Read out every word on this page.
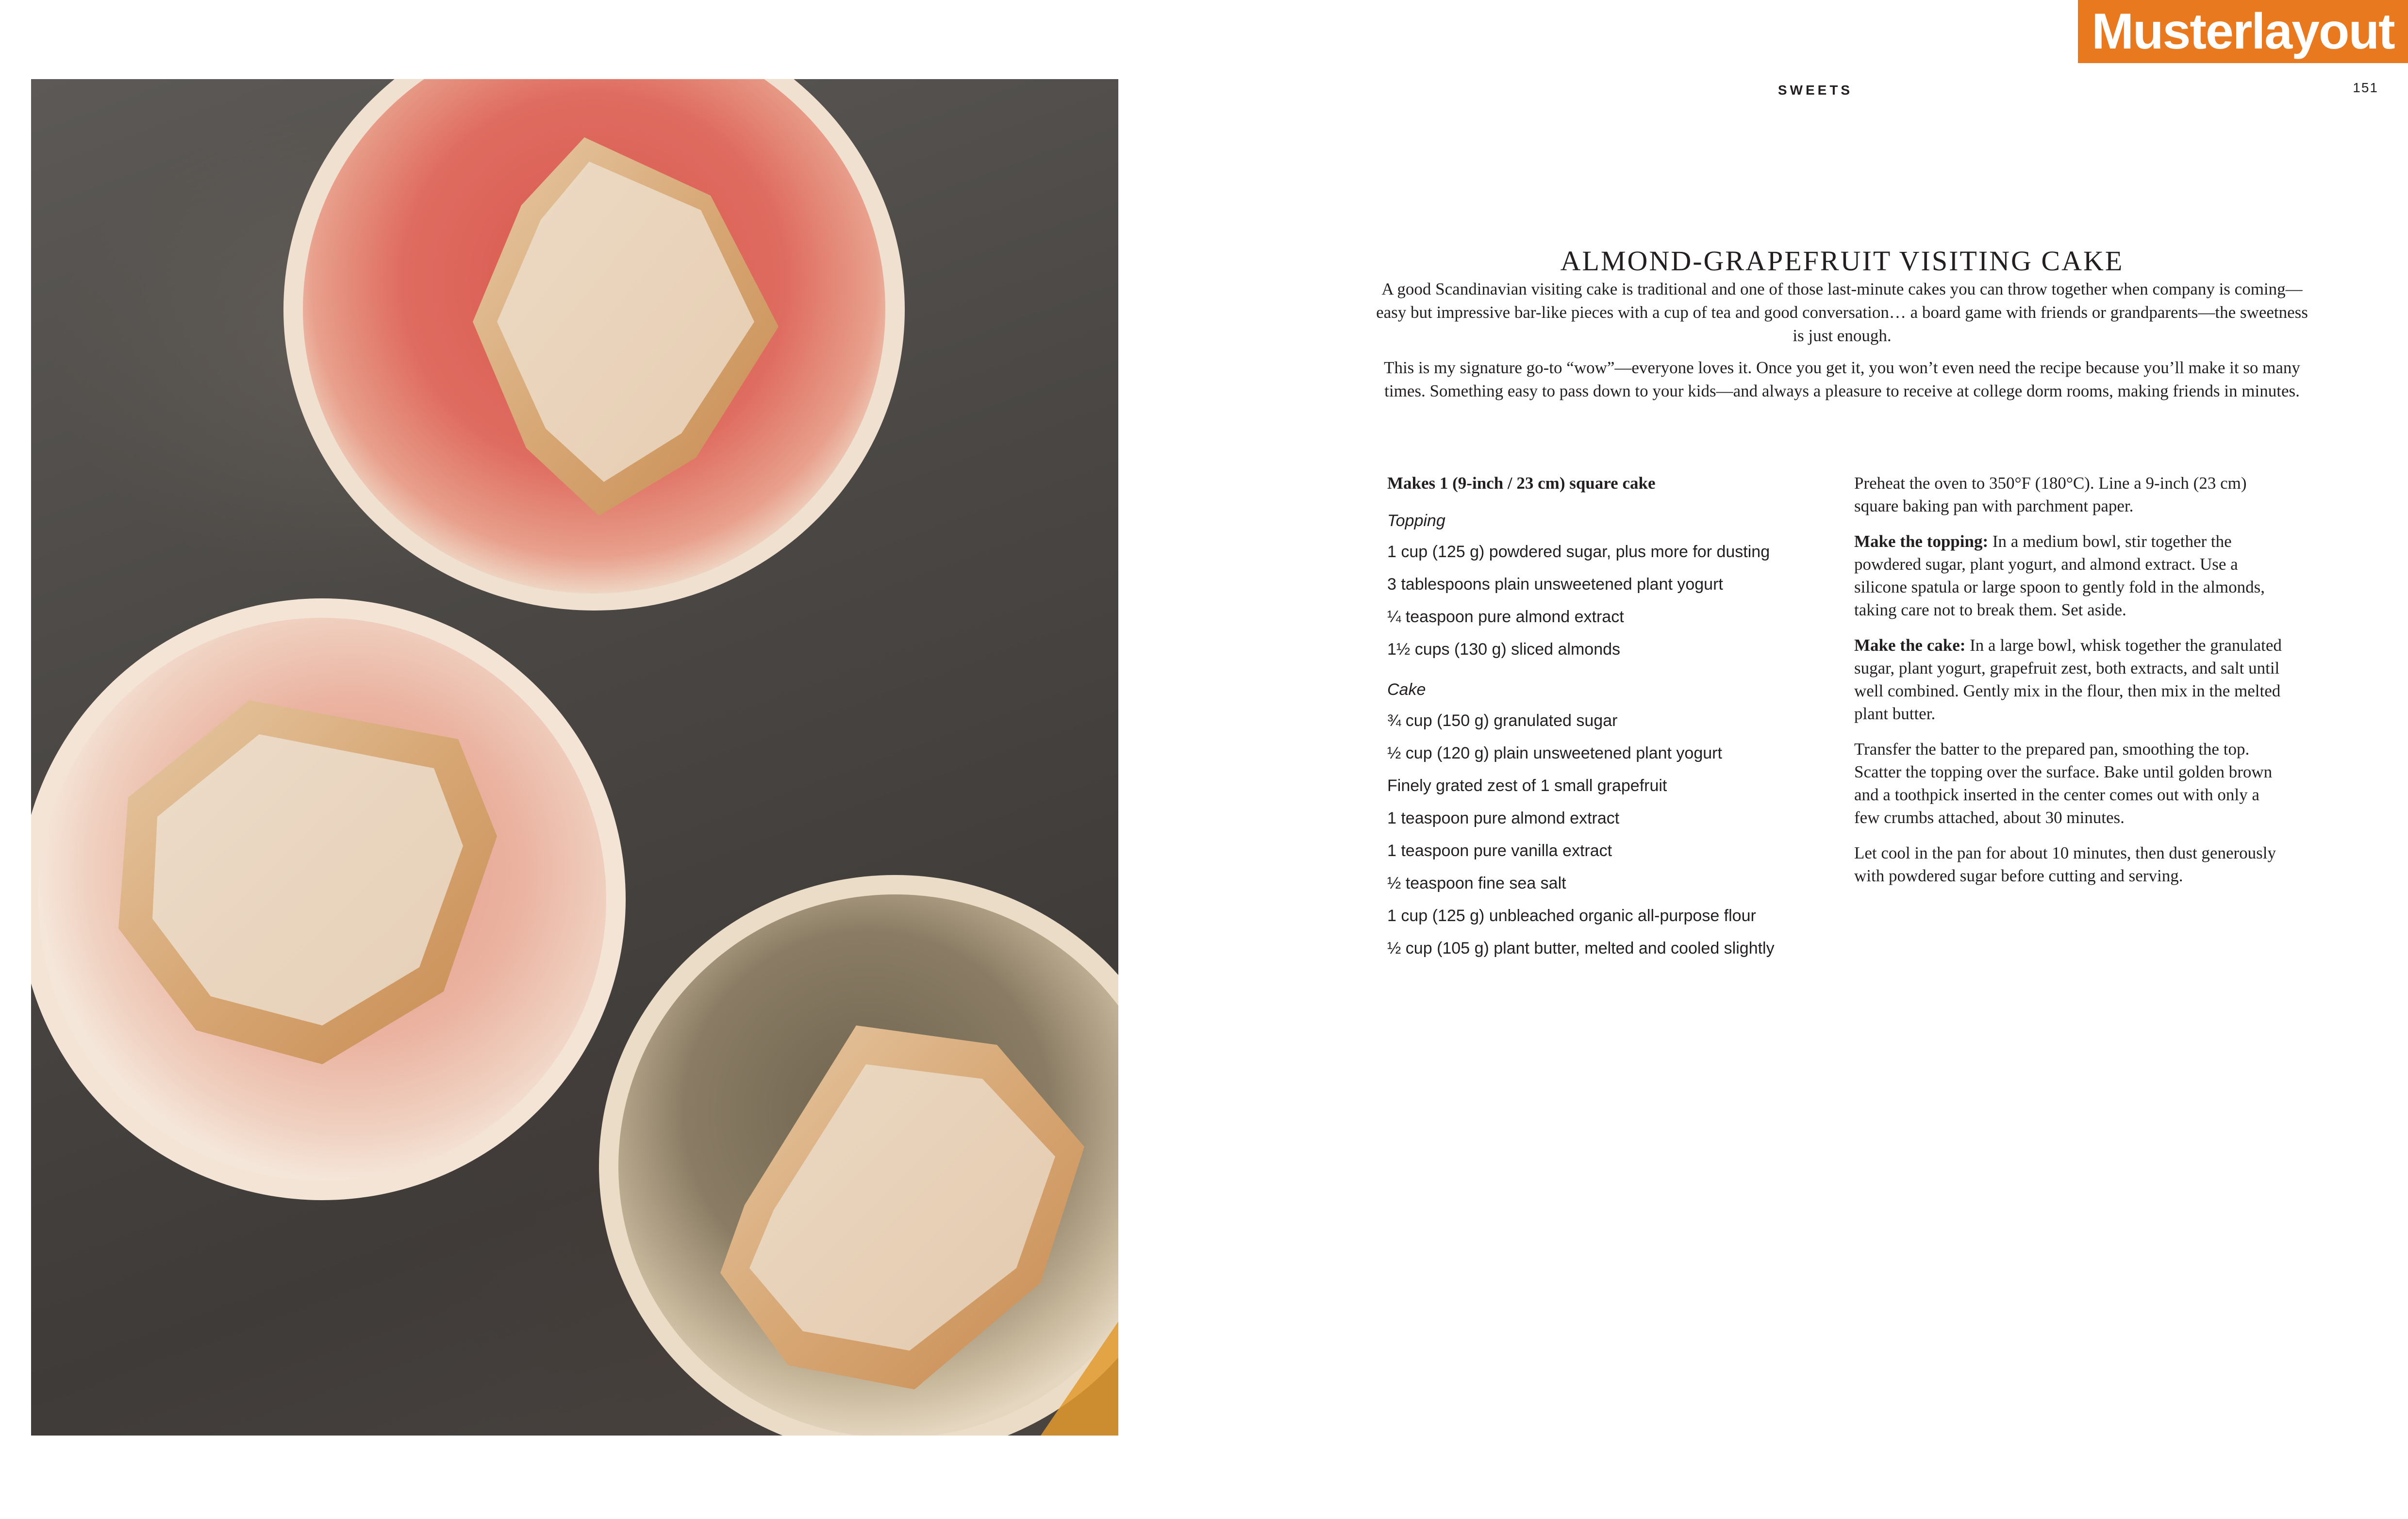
Musterlayout
SWEETS	151
ALMOND-GRAPEFRUIT VISITING CAKE

A good Scandinavian visiting cake is traditional and one of those last-minute cakes you can throw together when company is coming—easy but impressive bar-like pieces with a cup of tea and good conversation… a board game with friends or grandparents—the sweetness is just enough.

This is my signature go-to “wow”—everyone loves it. Once you get it, you won’t even need the recipe because you’ll make it so many times. Something easy to pass down to your kids—and always a pleasure to receive at college dorm rooms, making friends in minutes.

Makes 1 (9-inch / 23 cm) square cake

Topping

1 cup (125 g) powdered sugar, plus more for dusting
3 tablespoons plain unsweetened plant yogurt
¼ teaspoon pure almond extract
1½ cups (130 g) sliced almonds

Cake

¾ cup (150 g) granulated sugar
½ cup (120 g) plain unsweetened plant yogurt
Finely grated zest of 1 small grapefruit
1 teaspoon pure almond extract
1 teaspoon pure vanilla extract
½ teaspoon fine sea salt
1 cup (125 g) unbleached organic all-purpose flour
½ cup (105 g) plant butter, melted and cooled slightly

Preheat the oven to 350°F (180°C). Line a 9-inch (23 cm) square baking pan with parchment paper.

Make the topping: In a medium bowl, stir together the powdered sugar, plant yogurt, and almond extract. Use a silicone spatula or large spoon to gently fold in the almonds, taking care not to break them. Set aside.

Make the cake: In a large bowl, whisk together the granulated sugar, plant yogurt, grapefruit zest, both extracts, and salt until well combined. Gently mix in the flour, then mix in the melted plant butter.

Transfer the batter to the prepared pan, smoothing the top. Scatter the topping over the surface. Bake until golden brown and a toothpick inserted in the center comes out with only a few crumbs attached, about 30 minutes.

Let cool in the pan for about 10 minutes, then dust generously with powdered sugar before cutting and serving.
